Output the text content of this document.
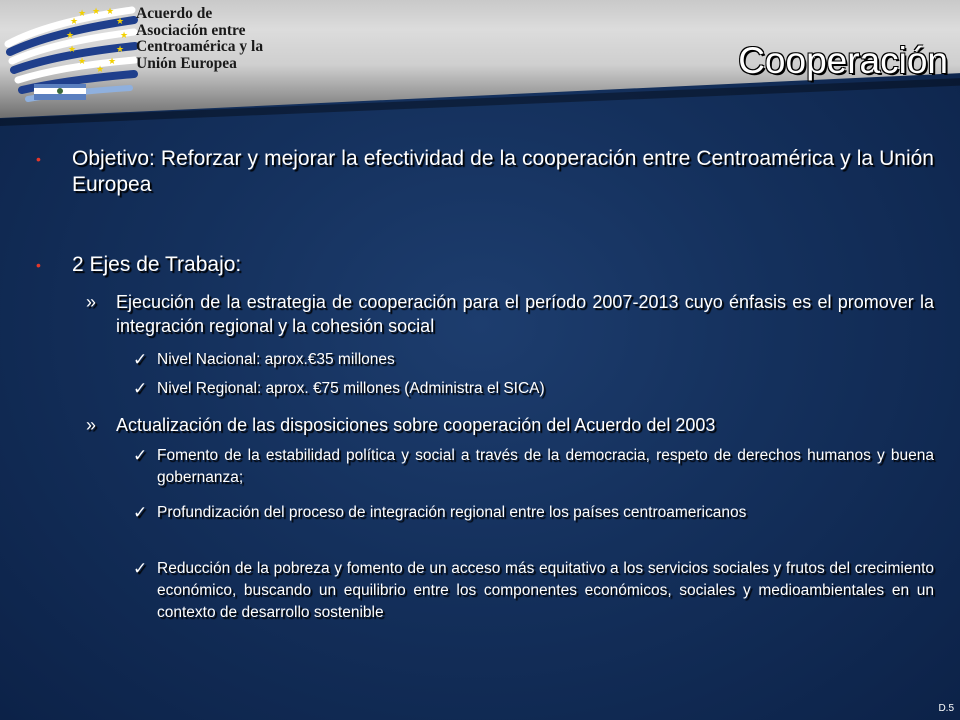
★ ★ ★
★
★
★
★
★
★
★
★
★
Acuerdo de
Asociación entre
Centroamérica y la
Unión Europea	Cooperación
• Objetivo: Reforzar y mejorar la efectividad de la cooperación entre Centroamérica y la Unión Europea
• 2 Ejes de Trabajo:
» Ejecución de la estrategia de cooperación para el período 2007-2013 cuyo énfasis es el promover la integración regional y la cohesión social
✓ Nivel Nacional: aprox.€35 millones
✓ Nivel Regional: aprox. €75 millones (Administra el SICA)
» Actualización de las disposiciones sobre cooperación del Acuerdo del 2003
✓ Fomento de la estabilidad política y social a través de la democracia, respeto de derechos humanos y buena gobernanza;
✓ Profundización del proceso de integración regional entre los países centroamericanos
✓ Reducción de la pobreza y fomento de un acceso más equitativo a los servicios sociales y frutos del crecimiento económico, buscando un equilibrio entre los componentes económicos, sociales y medioambientales en un contexto de desarrollo sostenible
D.5
